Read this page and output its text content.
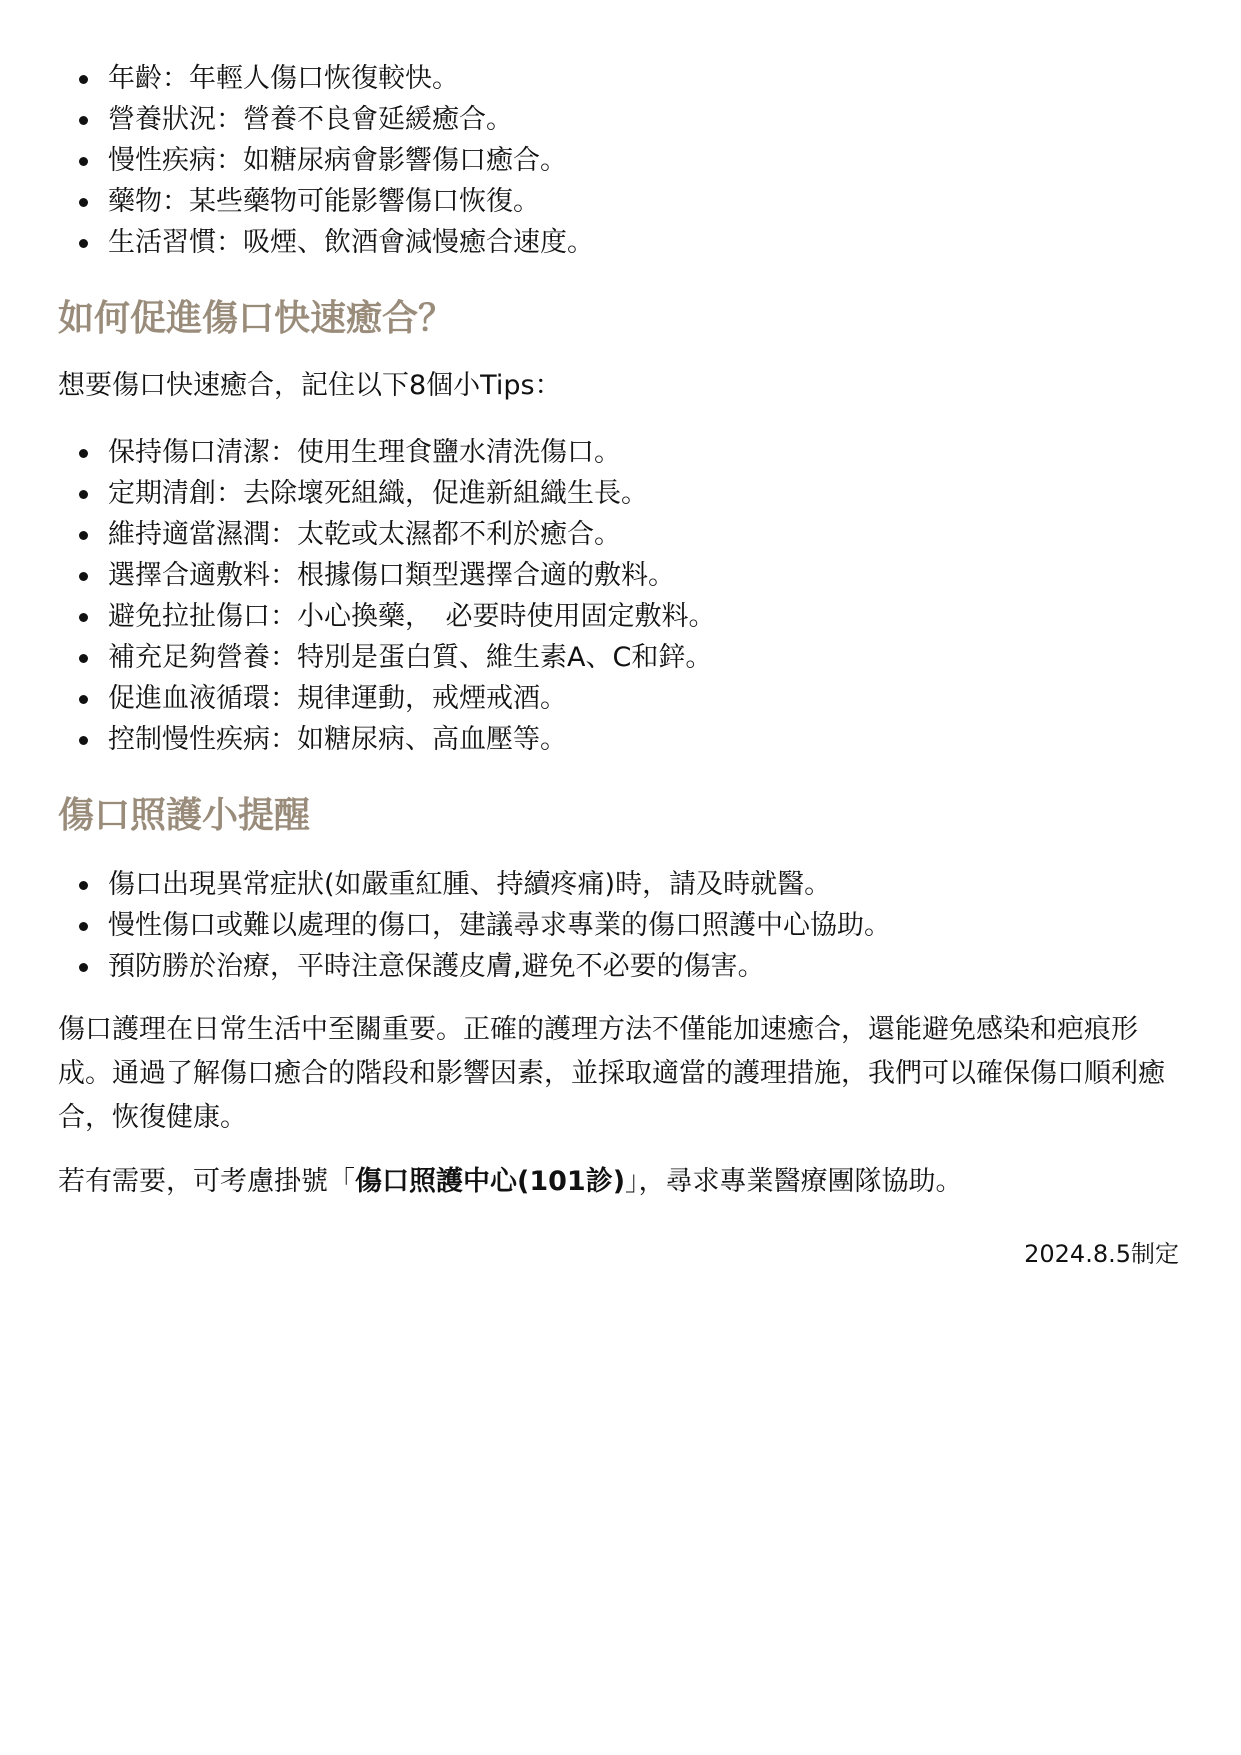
年齡：年輕人傷口恢復較快。
營養狀況：營養不良會延緩癒合。
慢性疾病：如糖尿病會影響傷口癒合。
藥物：某些藥物可能影響傷口恢復。
生活習慣：吸煙、飲酒會減慢癒合速度。
如何促進傷口快速癒合？

想要傷口快速癒合，記住以下8個小Tips：

保持傷口清潔：使用生理食鹽水清洗傷口。
定期清創：去除壞死組織，促進新組織生長。
維持適當濕潤：太乾或太濕都不利於癒合。
選擇合適敷料：根據傷口類型選擇合適的敷料。
避免拉扯傷口：小心換藥，　必要時使用固定敷料。
補充足夠營養：特別是蛋白質、維生素A、C和鋅。
促進血液循環：規律運動，戒煙戒酒。
控制慢性疾病：如糖尿病、高血壓等。
傷口照護小提醒
傷口出現異常症狀(如嚴重紅腫、持續疼痛)時，請及時就醫。
慢性傷口或難以處理的傷口，建議尋求專業的傷口照護中心協助。
預防勝於治療，平時注意保護皮膚,避免不必要的傷害。

傷口護理在日常生活中至關重要。正確的護理方法不僅能加速癒合，還能避免感染和疤痕形成。通過了解傷口癒合的階段和影響因素，並採取適當的護理措施，我們可以確保傷口順利癒合，恢復健康。

若有需要，可考慮掛號「傷口照護中心(101診)」，尋求專業醫療團隊協助。

2024.8.5制定
